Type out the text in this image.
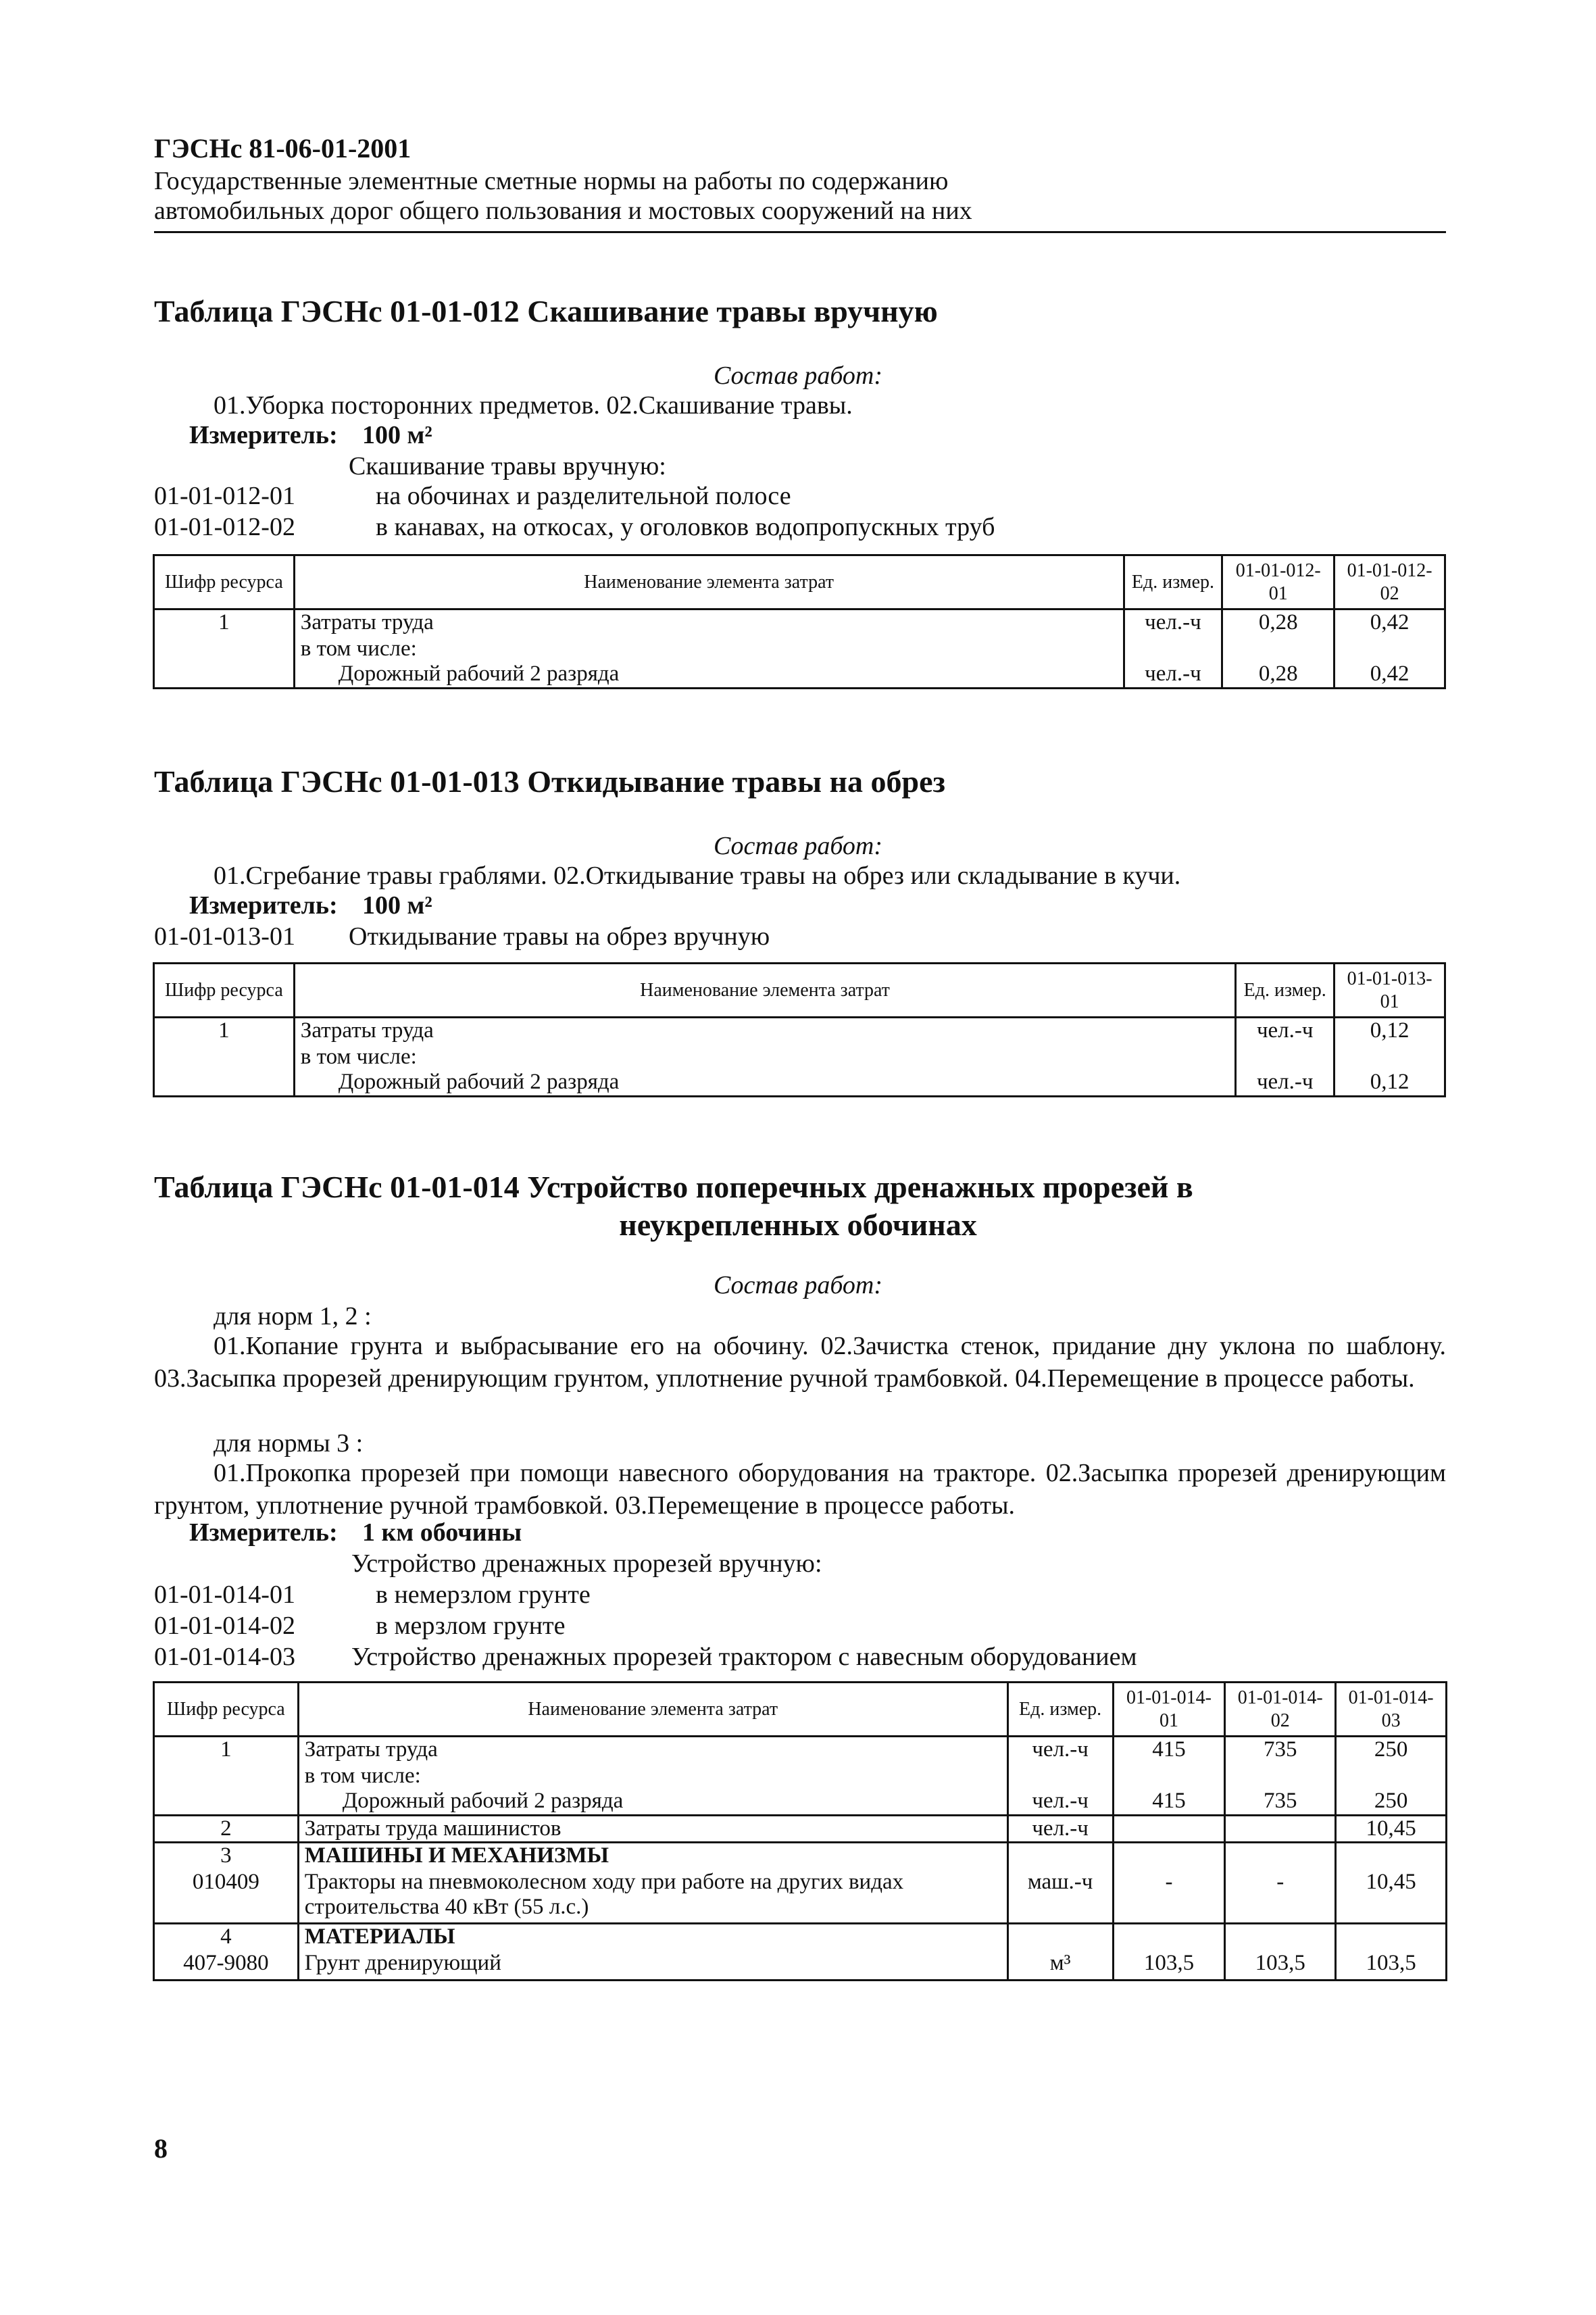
ГЭСНс 81-06-01-2001
Государственные элементные сметные нормы на работы по содержанию
автомобильных дорог общего пользования и мостовых сооружений на них
Таблица ГЭСНс 01-01-012 Скашивание травы вручную
Состав работ:
01.Уборка посторонних предметов. 02.Скашивание травы.
Измеритель: 100 м²
Скашивание травы вручную:
01-01-012-01	на обочинах и разделительной полосе
01-01-012-02	в канавах, на откосах, у оголовков водопропускных труб
Шифр ресурса	Наименование элемента затрат	Ед. измер.	01-01-012-01	01-01-012-02
1	Затраты труда	чел.-ч	0,28	0,42
	в том числе:			
	Дорожный рабочий 2 разряда	чел.-ч	0,28	0,42
Таблица ГЭСНс 01-01-013 Откидывание травы на обрез
Состав работ:
01.Сгребание травы граблями. 02.Откидывание травы на обрез или складывание в кучи.
Измеритель: 100 м²
01-01-013-01 Откидывание травы на обрез вручную
Шифр ресурса	Наименование элемента затрат	Ед. измер.	01-01-013-01
1	Затраты труда	чел.-ч	0,12
	в том числе:		
	Дорожный рабочий 2 разряда	чел.-ч	0,12
Таблица ГЭСНс 01-01-014 Устройство поперечных дренажных прорезей в
неукрепленных обочинах
Состав работ:
для норм 1, 2 :
01.Копание грунта и выбрасывание его на обочину. 02.Зачистка стенок, придание дну уклона по шаблону. 03.Засыпка прорезей дренирующим грунтом, уплотнение ручной трамбовкой. 04.Перемещение в процессе работы.
для нормы 3 :
01.Прокопка прорезей при помощи навесного оборудования на тракторе. 02.Засыпка прорезей дренирующим грунтом, уплотнение ручной трамбовкой. 03.Перемещение в процессе работы.
Измеритель: 1 км обочины
Устройство дренажных прорезей вручную:
01-01-014-01	в немерзлом грунте
01-01-014-02	в мерзлом грунте
01-01-014-03 Устройство дренажных прорезей трактором с навесным оборудованием
Шифр ресурса	Наименование элемента затрат	Ед. измер.	01-01-014-01	01-01-014-02	01-01-014-03
1	Затраты труда	чел.-ч	415	735	250
	в том числе:				
	Дорожный рабочий 2 разряда	чел.-ч	415	735	250
2	Затраты труда машинистов	чел.-ч			10,45
3	МАШИНЫ И МЕХАНИЗМЫ				
010409	Тракторы на пневмоколесном ходу при работе на других видах
строительства 40 кВт (55 л.с.)	маш.-ч	-	-	10,45
4	МАТЕРИАЛЫ				
407-9080	Грунт дренирующий	м³	103,5	103,5	103,5
8
